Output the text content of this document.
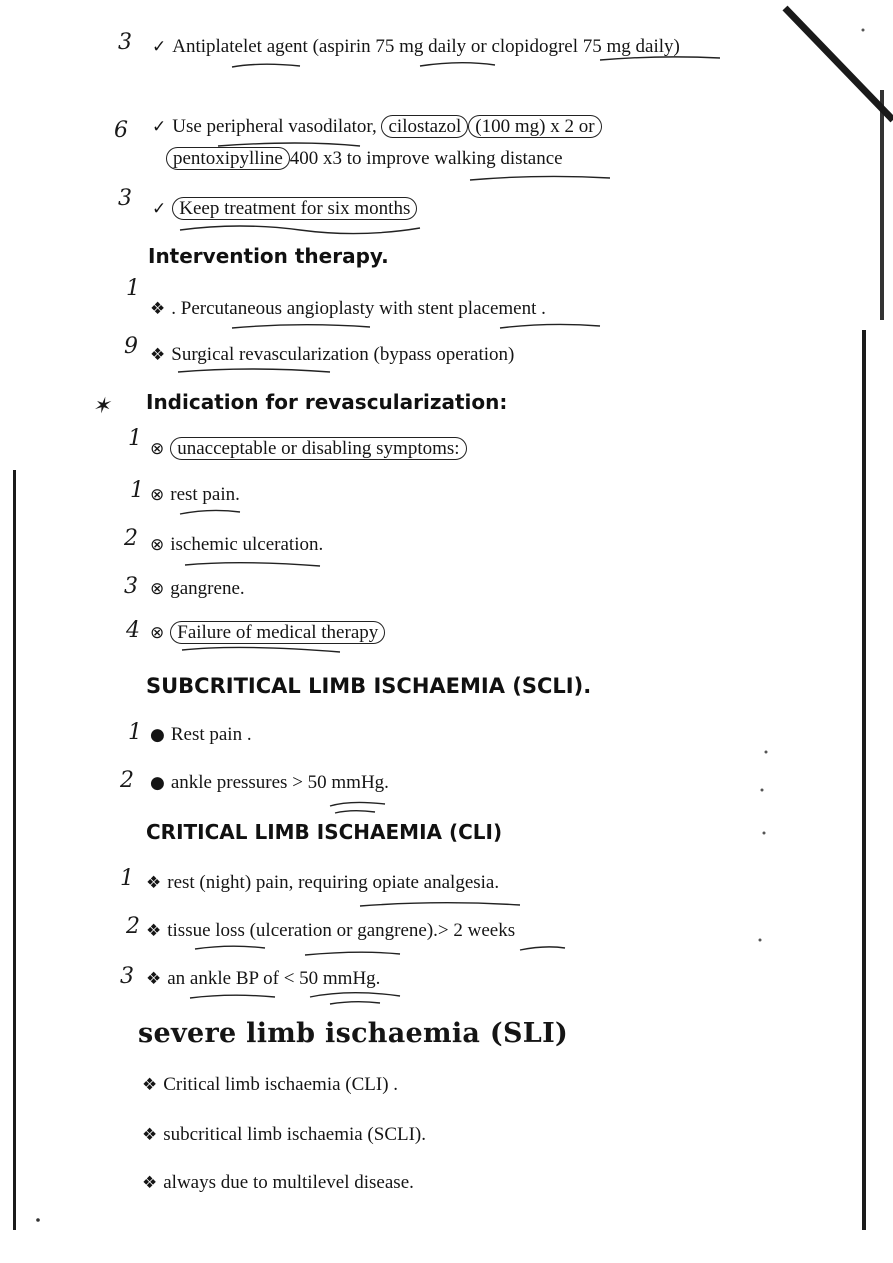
3
6
3
1
9
✶
1
1
2
3
4
1
2
1
2
3
✓ Antiplatelet agent (aspirin 75 mg daily or clopidogrel 75 mg daily)
✓ Use peripheral vasodilator, cilostazol (100 mg) x 2 or
pentoxipylline 400 x3 to improve walking distance
✓ Keep treatment for six months
Intervention therapy.
❖ . Percutaneous angioplasty with stent placement .
❖ Surgical revascularization (bypass operation)
Indication for revascularization:
⊗ unacceptable or disabling symptoms:
⊗ rest pain.
⊗ ischemic ulceration.
⊗ gangrene.
⊗ Failure of medical therapy
SUBCRITICAL LIMB ISCHAEMIA (SCLI).
● Rest pain .
● ankle pressures > 50 mmHg.
CRITICAL LIMB ISCHAEMIA (CLI)
❖ rest (night) pain, requiring opiate analgesia.
❖ tissue loss (ulceration or gangrene).> 2 weeks
❖ an ankle BP of < 50 mmHg.
severe limb ischaemia (SLI)
❖ Critical limb ischaemia (CLI) .
❖ subcritical limb ischaemia (SCLI).
❖ always due to multilevel disease.
